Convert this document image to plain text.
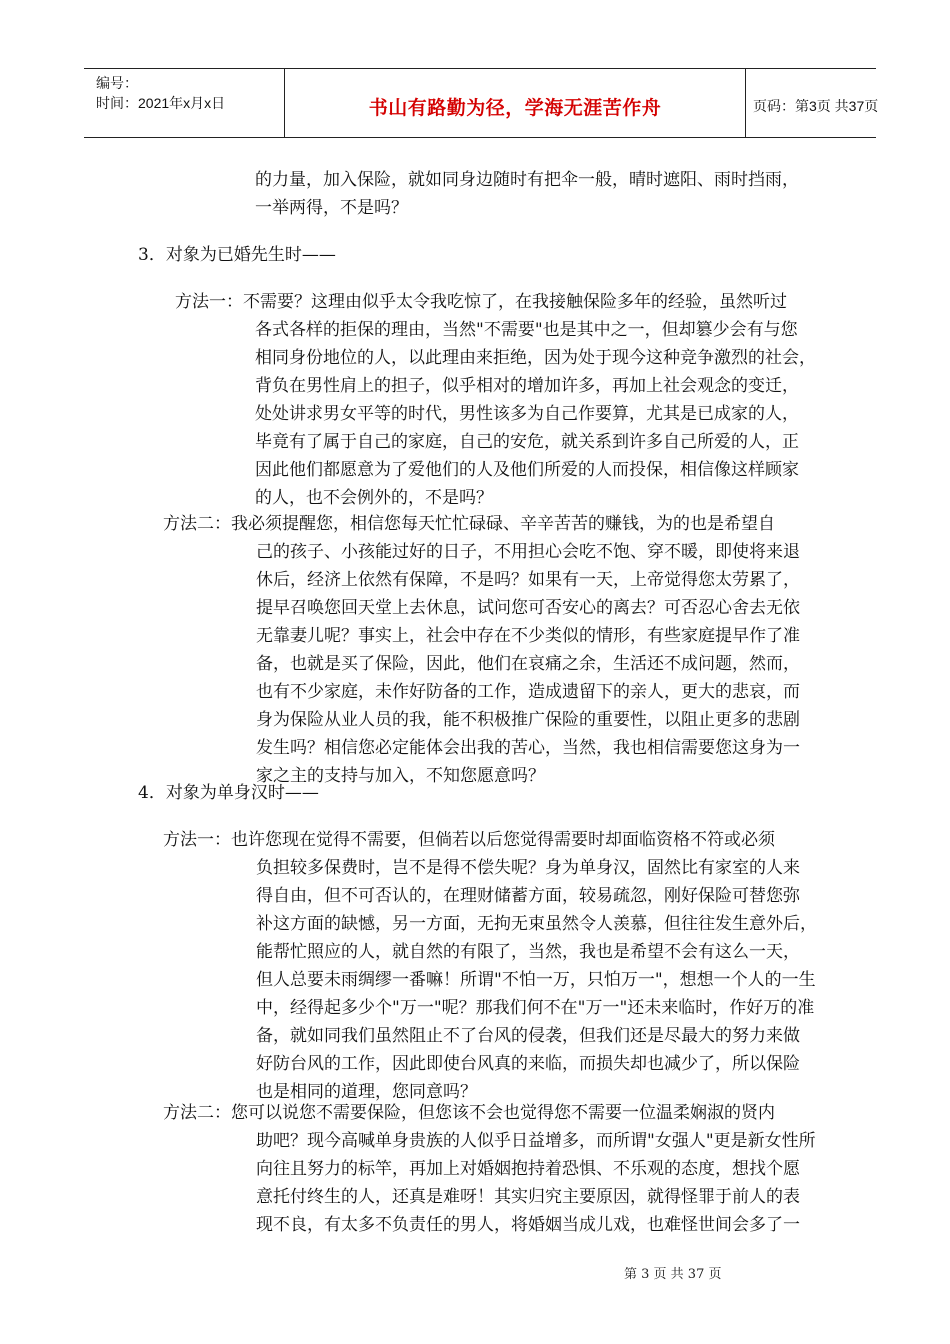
编号：
时间：2021年x月x日	书山有路勤为径，学海无涯苦作舟	页码：第3页 共37页
的力量，加入保险，就如同身边随时有把伞一般，晴时遮阳、雨时挡雨，
一举两得，不是吗？
3．对象为已婚先生时——
方法一：不需要？这理由似乎太令我吃惊了，在我接触保险多年的经验，虽然听过
各式各样的拒保的理由，当然"不需要"也是其中之一，但却篡少会有与您
相同身份地位的人，以此理由来拒绝，因为处于现今这种竞争激烈的社会，
背负在男性肩上的担子，似乎相对的增加许多，再加上社会观念的变迁，
处处讲求男女平等的时代，男性该多为自己作要算，尤其是已成家的人，
毕竟有了属于自己的家庭，自己的安危，就关系到许多自己所爱的人，正
因此他们都愿意为了爱他们的人及他们所爱的人而投保，相信像这样顾家
的人，也不会例外的，不是吗？
方法二：我必须提醒您，相信您每天忙忙碌碌、辛辛苦苦的赚钱，为的也是希望自
己的孩子、小孩能过好的日子，不用担心会吃不饱、穿不暖，即使将来退
休后，经济上依然有保障，不是吗？如果有一天，上帝觉得您太劳累了，
提早召唤您回天堂上去休息，试问您可否安心的离去？可否忍心舍去无依
无靠妻儿呢？事实上，社会中存在不少类似的情形，有些家庭提早作了准
备，也就是买了保险，因此，他们在哀痛之余，生活还不成问题，然而，
也有不少家庭，未作好防备的工作，造成遗留下的亲人，更大的悲哀，而
身为保险从业人员的我，能不积极推广保险的重要性，以阻止更多的悲剧
发生吗？相信您必定能体会出我的苦心，当然，我也相信需要您这身为一
家之主的支持与加入，不知您愿意吗？
4．对象为单身汉时——
方法一：也许您现在觉得不需要，但倘若以后您觉得需要时却面临资格不符或必须
负担较多保费时，岂不是得不偿失呢？身为单身汉，固然比有家室的人来
得自由，但不可否认的，在理财储蓄方面，较易疏忽，刚好保险可替您弥
补这方面的缺憾，另一方面，无拘无束虽然令人羡慕，但往往发生意外后，
能帮忙照应的人，就自然的有限了，当然，我也是希望不会有这么一天，
但人总要未雨绸缪一番嘛！所谓"不怕一万，只怕万一"，想想一个人的一生
中，经得起多少个"万一"呢？那我们何不在"万一"还未来临时，作好万的准
备，就如同我们虽然阻止不了台风的侵袭，但我们还是尽最大的努力来做
好防台风的工作，因此即使台风真的来临，而损失却也减少了，所以保险
也是相同的道理，您同意吗？
方法二：您可以说您不需要保险，但您该不会也觉得您不需要一位温柔娴淑的贤内
助吧？现今高喊单身贵族的人似乎日益增多，而所谓"女强人"更是新女性所
向往且努力的标竿，再加上对婚姻抱持着恐惧、不乐观的态度，想找个愿
意托付终生的人，还真是难呀！其实归究主要原因，就得怪罪于前人的表
现不良，有太多不负责任的男人，将婚姻当成儿戏，也难怪世间会多了一
第 3 页 共 37 页
